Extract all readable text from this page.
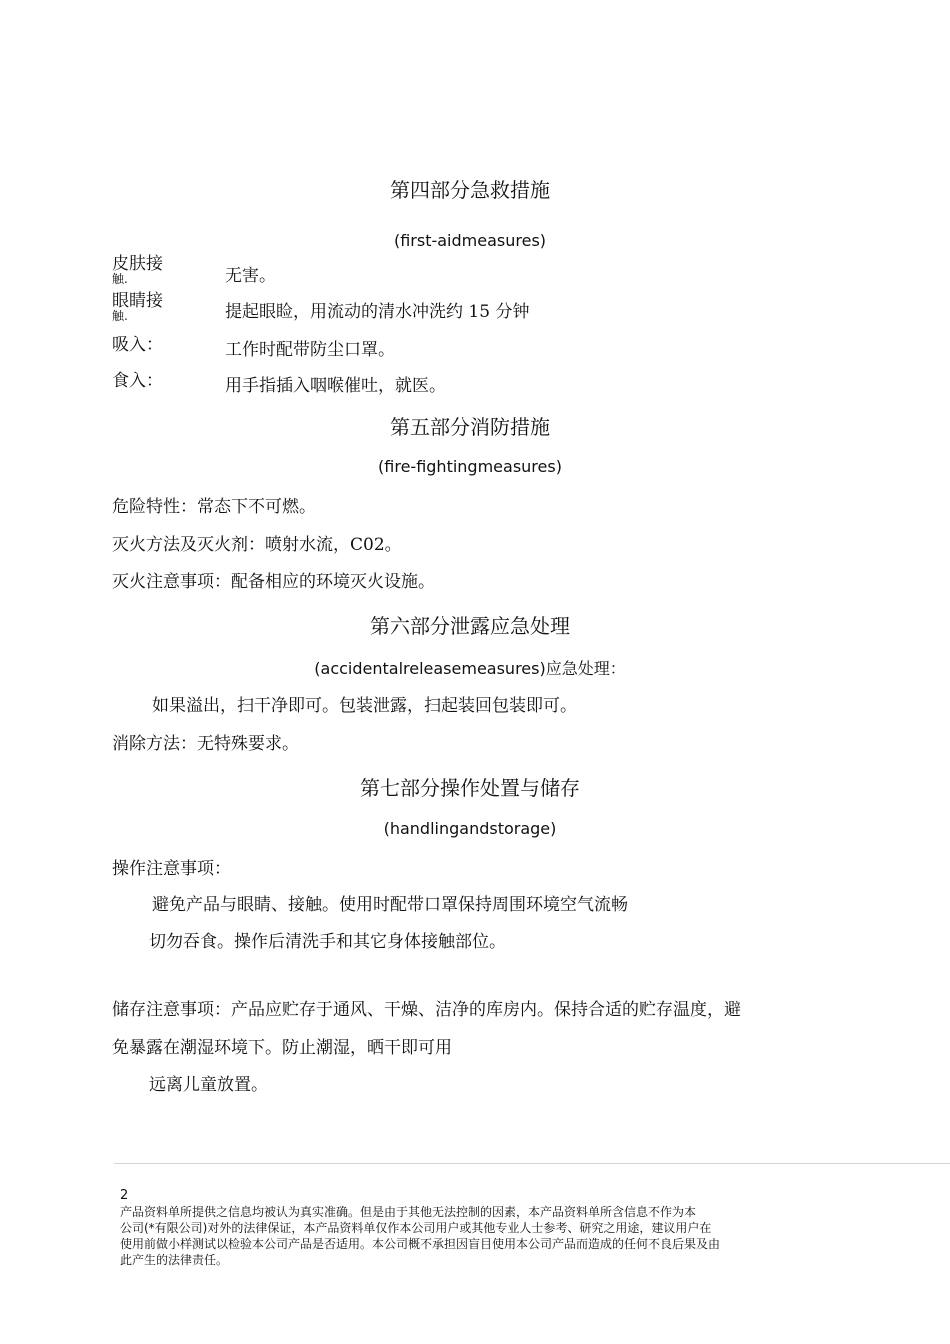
第四部分急救措施
(first-aidmeasures)
皮肤接
触.	无害。
眼睛接
触.	提起眼睑，用流动的清水冲洗约 15 分钟
吸入：	工作时配带防尘口罩。
食入：	用手指插入咽喉催吐，就医。
第五部分消防措施
(fire-fightingmeasures)
危险特性：常态下不可燃。
灭火方法及灭火剂：喷射水流，C02。
灭火注意事项：配备相应的环境灭火设施。
第六部分泄露应急处理
(accidentalreleasemeasures)应急处理：
如果溢出，扫干净即可。包装泄露，扫起装回包装即可。
消除方法：无特殊要求。
第七部分操作处置与储存
(handlingandstorage)
操作注意事项：
避免产品与眼睛、接触。使用时配带口罩保持周围环境空气流畅
切勿吞食。操作后清洗手和其它身体接触部位。
储存注意事项：产品应贮存于通风、干燥、洁净的库房内。保持合适的贮存温度，避
免暴露在潮湿环境下。防止潮湿，晒干即可用
远离儿童放置。
2
产品资料单所提供之信息均被认为真实准确。但是由于其他无法控制的因素，本产品资料单所含信息不作为本
公司(*有限公司)对外的法律保证，本产品资料单仅作本公司用户或其他专业人士参考、研究之用途，建议用户在
使用前做小样测试以检验本公司产品是否适用。本公司概不承担因盲目使用本公司产品而造成的任何不良后果及由
此产生的法律责任。
